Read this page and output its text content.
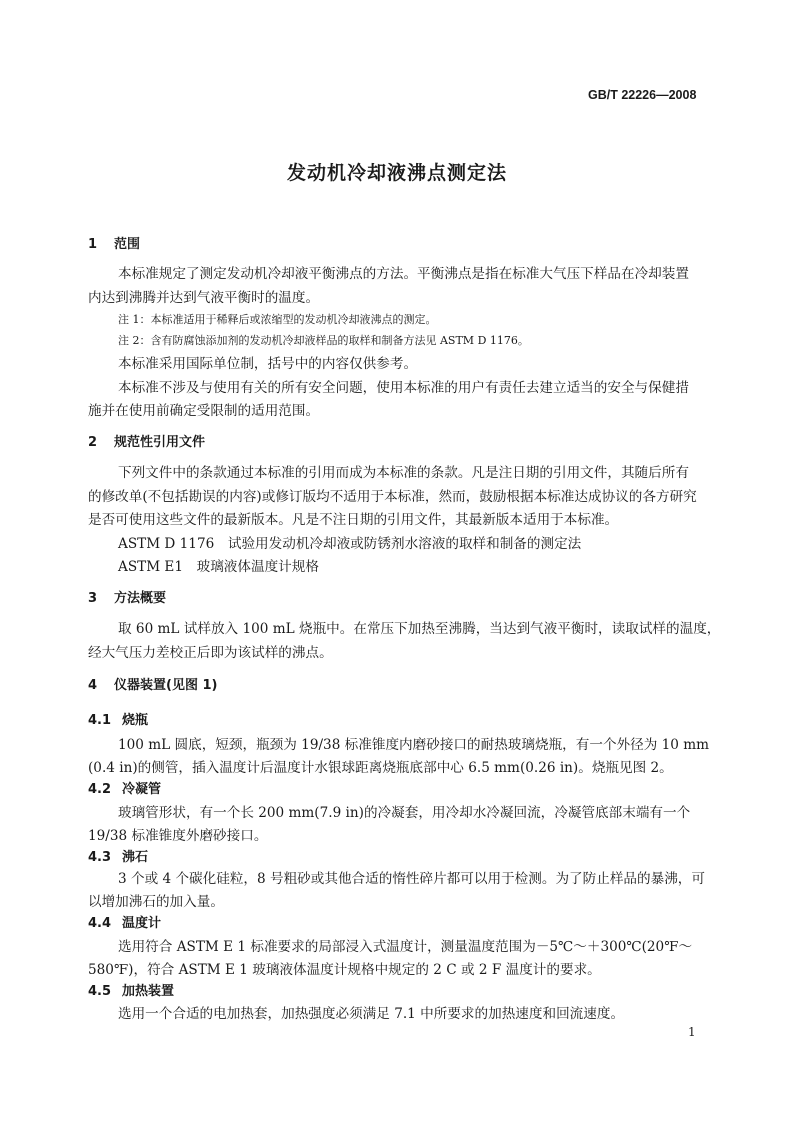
GB/T 22226—2008
发动机冷却液沸点测定法
1 范围
本标准规定了测定发动机冷却液平衡沸点的方法。平衡沸点是指在标准大气压下样品在冷却装置
内达到沸腾并达到气液平衡时的温度。
注 1：本标准适用于稀释后或浓缩型的发动机冷却液沸点的测定。
注 2：含有防腐蚀添加剂的发动机冷却液样品的取样和制备方法见 ASTM D 1176。
本标准采用国际单位制，括号中的内容仅供参考。
本标准不涉及与使用有关的所有安全问题，使用本标准的用户有责任去建立适当的安全与保健措
施并在使用前确定受限制的适用范围。
2 规范性引用文件
下列文件中的条款通过本标准的引用而成为本标准的条款。凡是注日期的引用文件，其随后所有
的修改单(不包括勘误的内容)或修订版均不适用于本标准，然而，鼓励根据本标准达成协议的各方研究
是否可使用这些文件的最新版本。凡是不注日期的引用文件，其最新版本适用于本标准。
ASTM D 1176　试验用发动机冷却液或防锈剂水溶液的取样和制备的测定法
ASTM E1　玻璃液体温度计规格
3 方法概要
取 60 mL 试样放入 100 mL 烧瓶中。在常压下加热至沸腾，当达到气液平衡时，读取试样的温度，
经大气压力差校正后即为该试样的沸点。
4 仪器装置(见图 1)
4.1 烧瓶
100 mL 圆底，短颈，瓶颈为 19/38 标准锥度内磨砂接口的耐热玻璃烧瓶，有一个外径为 10 mm
(0.4 in)的侧管，插入温度计后温度计水银球距离烧瓶底部中心 6.5 mm(0.26 in)。烧瓶见图 2。
4.2 冷凝管
玻璃管形状，有一个长 200 mm(7.9 in)的冷凝套，用冷却水冷凝回流，冷凝管底部末端有一个
19/38 标准锥度外磨砂接口。
4.3 沸石
3 个或 4 个碳化硅粒，8 号粗砂或其他合适的惰性碎片都可以用于检测。为了防止样品的暴沸，可
以增加沸石的加入量。
4.4 温度计
选用符合 ASTM E 1 标准要求的局部浸入式温度计，测量温度范围为－5℃～＋300℃(20℉～
580℉)，符合 ASTM E 1 玻璃液体温度计规格中规定的 2 C 或 2 F 温度计的要求。
4.5 加热装置
选用一个合适的电加热套，加热强度必须满足 7.1 中所要求的加热速度和回流速度。
1
